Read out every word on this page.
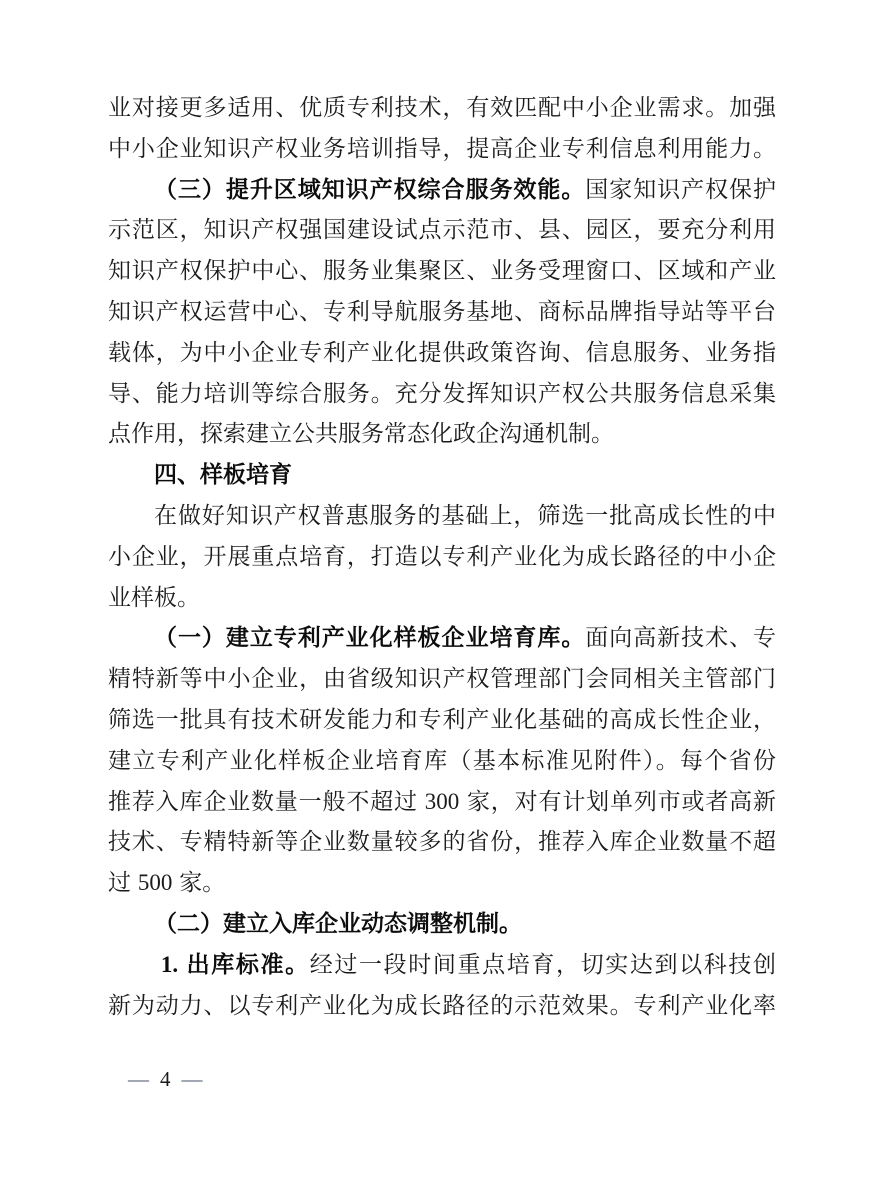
业对接更多适用、优质专利技术，有效匹配中小企业需求。加强
中小企业知识产权业务培训指导，提高企业专利信息利用能力。
（三）提升区域知识产权综合服务效能。国家知识产权保护
示范区，知识产权强国建设试点示范市、县、园区，要充分利用
知识产权保护中心、服务业集聚区、业务受理窗口、区域和产业
知识产权运营中心、专利导航服务基地、商标品牌指导站等平台
载体，为中小企业专利产业化提供政策咨询、信息服务、业务指
导、能力培训等综合服务。充分发挥知识产权公共服务信息采集
点作用，探索建立公共服务常态化政企沟通机制。
四、样板培育
在做好知识产权普惠服务的基础上，筛选一批高成长性的中
小企业，开展重点培育，打造以专利产业化为成长路径的中小企
业样板。
（一）建立专利产业化样板企业培育库。面向高新技术、专
精特新等中小企业，由省级知识产权管理部门会同相关主管部门
筛选一批具有技术研发能力和专利产业化基础的高成长性企业，
建立专利产业化样板企业培育库（基本标准见附件）。每个省份
推荐入库企业数量一般不超过 300 家，对有计划单列市或者高新
技术、专精特新等企业数量较多的省份，推荐入库企业数量不超
过 500 家。
（二）建立入库企业动态调整机制。
1. 出库标准。经过一段时间重点培育，切实达到以科技创
新为动力、以专利产业化为成长路径的示范效果。专利产业化率
— 4 —
